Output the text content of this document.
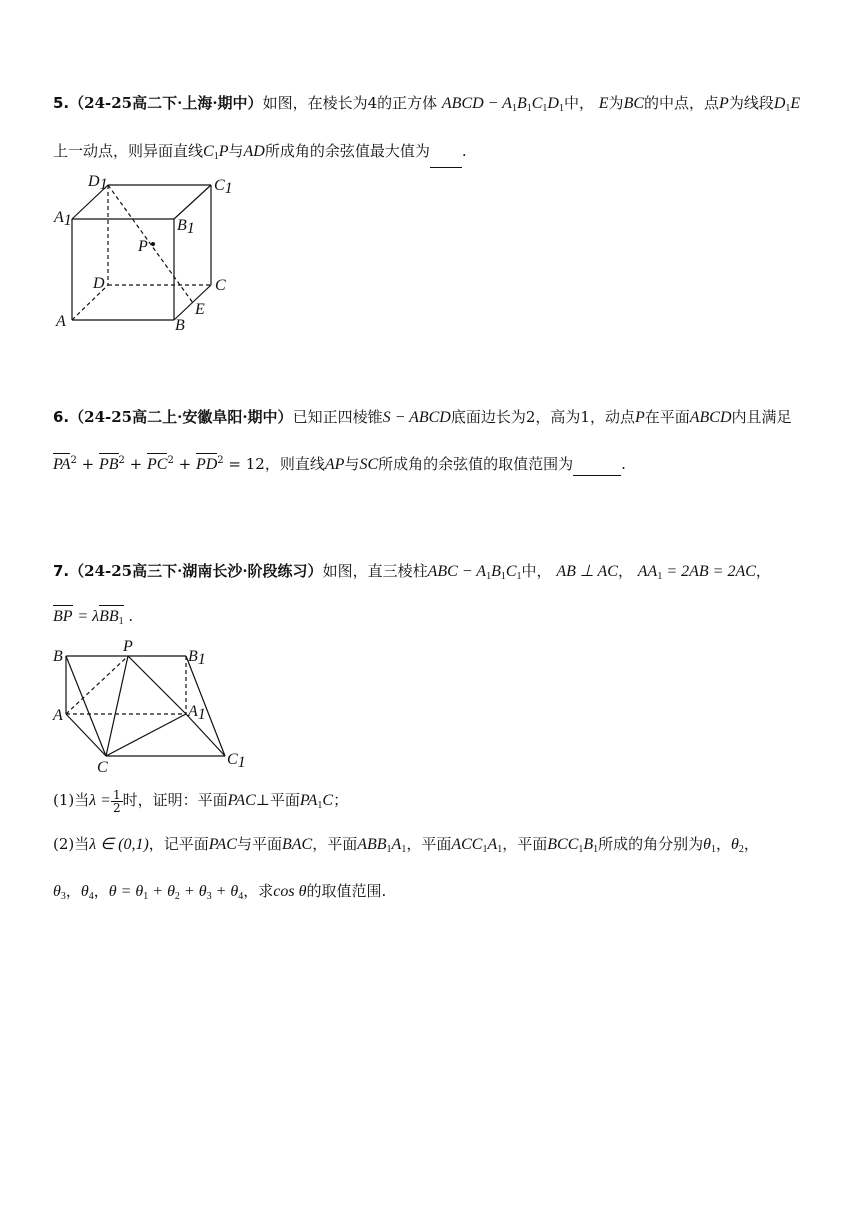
5.（24-25高二下·上海·期中）如图，在棱长为4的正方体 ABCD − $A_1B_1C_1D_1$中， E为BC的中点，点P为线段$D_1E$
上一动点，则异面直线$C_1P$与AD所成角的余弦值最大值为 .
D1	C1
A1	B1
P
D	C
A	B
E
6.（24-25高二上·安徽阜阳·期中）已知正四棱锥S − ABCD底面边长为2，高为1，动点P在平面ABCD内且满足
$PA^2 + PB^2 + PC^2 + PD^2 = 12$，则直线AP与SC所成角的余弦值的取值范围为	.
7.（24-25高三下·湖南长沙·阶段练习）如图，直三棱柱ABC − $A_1B_1C_1$中， AB ⊥ AC， $AA_1 = 2AB = 2AC$，
BP = λBB$_1$ .
B
P
B1
A	A1
C	C1
(1)当$\lambda = \frac{1}{2}$ 时，证明：平面PAC⊥平面$PA_1C$；
(2)当λ ∈ (0,1)，记平面PAC与平面BAC，平面$ABB_1A_1$，平面$ACC_1A_1$，平面$BCC_1B_1$所成的角分别为$\theta_1$，$\theta_2$，
$\theta_3$，$\theta_4$，$\theta = \theta_1 + \theta_2 + \theta_3 + \theta_4$，求cos θ的取值范围.
